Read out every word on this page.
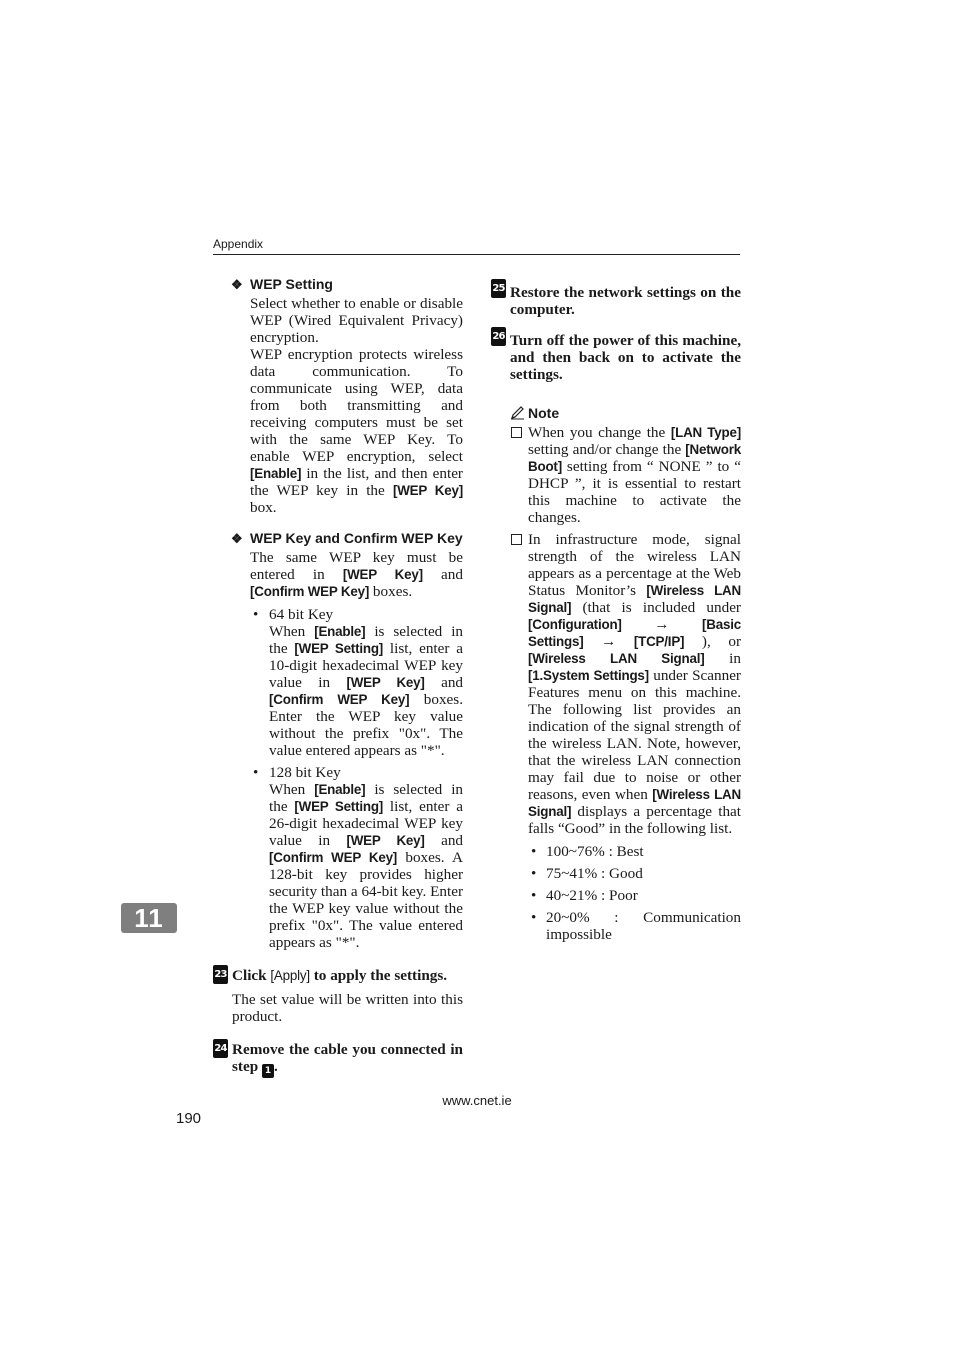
Appendix
❖ WEP Setting

Select whether to enable or disable WEP (Wired Equivalent Privacy) encryption.

WEP encryption protects wireless data communication. To communicate using WEP, data from both transmitting and receiving computers must be set with the same WEP Key. To enable WEP encryption, select [Enable] in the list, and then enter the WEP key in the [WEP Key] box.

❖ WEP Key and Confirm WEP Key

The same WEP key must be entered in [WEP Key] and [Confirm WEP Key] boxes.

• 64 bit Key
When [Enable] is selected in the [WEP Setting] list, enter a 10-digit hexadecimal WEP key value in [WEP Key] and [Confirm WEP Key] boxes. Enter the WEP key value without the prefix "0x". The value entered appears as "*".
• 128 bit Key
When [Enable] is selected in the [WEP Setting] list, enter a 26-digit hexadecimal WEP key value in [WEP Key] and [Confirm WEP Key] boxes. A 128-bit key provides higher security than a 64-bit key. Enter the WEP key value without the prefix "0x". The value entered appears as "*".
23 Click [Apply] to apply the settings.

The set value will be written into this product.

24 Remove the cable you connected in step 1 .
25 Restore the network settings on the computer.
26 Turn off the power of this machine, and then back on to activate the settings.
Note

When you change the [LAN Type] setting and/or change the [Network Boot] setting from “ NONE ” to “ DHCP ”, it is essential to restart this machine to activate the changes.

In infrastructure mode, signal strength of the wireless LAN appears as a percentage at the Web Status Monitor’s [Wireless LAN Signal] (that is included under [Configuration] → [Basic Settings] → [TCP/IP] ), or [Wireless LAN Signal] in [1.System Settings] under Scanner Features menu on this machine. The following list provides an indication of the signal strength of the wireless LAN. Note, however, that the wireless LAN connection may fail due to noise or other reasons, even when [Wireless LAN Signal] displays a percentage that falls “Good” in the following list.

• 100~76% : Best
• 75~41% : Good
• 40~21% : Poor
• 20~0% : Communication impossible
11
www.cnet.ie
190
